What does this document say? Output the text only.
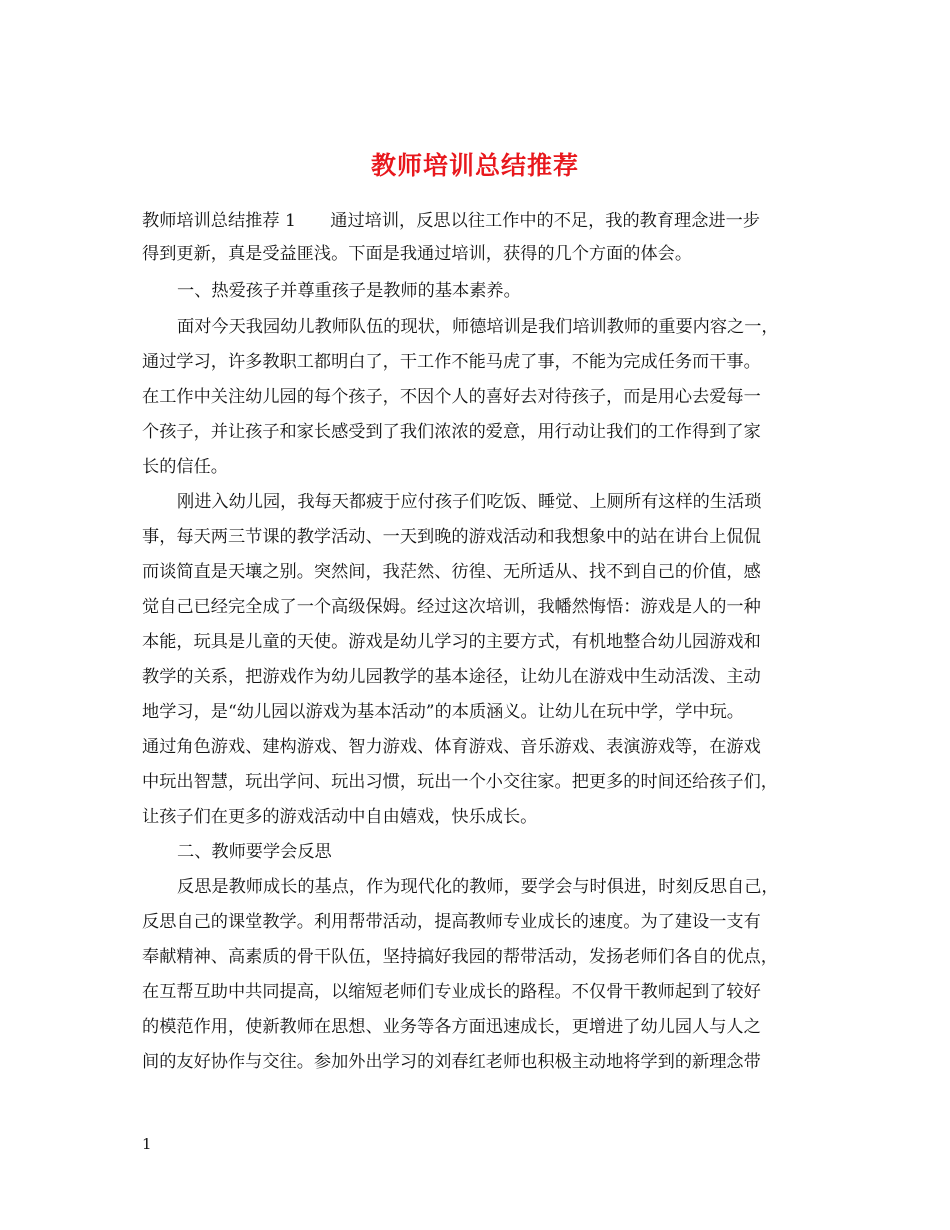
教师培训总结推荐
教师培训总结推荐 1　　通过培训，反思以往工作中的不足，我的教育理念进一步
得到更新，真是受益匪浅。下面是我通过培训，获得的几个方面的体会。
一、热爱孩子并尊重孩子是教师的基本素养。
面对今天我园幼儿教师队伍的现状，师德培训是我们培训教师的重要内容之一，
通过学习，许多教职工都明白了，干工作不能马虎了事，不能为完成任务而干事。
在工作中关注幼儿园的每个孩子，不因个人的喜好去对待孩子，而是用心去爱每一
个孩子，并让孩子和家长感受到了我们浓浓的爱意，用行动让我们的工作得到了家
长的信任。
刚进入幼儿园，我每天都疲于应付孩子们吃饭、睡觉、上厕所有这样的生活琐
事，每天两三节课的教学活动、一天到晚的游戏活动和我想象中的站在讲台上侃侃
而谈简直是天壤之别。突然间，我茫然、彷徨、无所适从、找不到自己的价值，感
觉自己已经完全成了一个高级保姆。经过这次培训，我幡然悔悟：游戏是人的一种
本能，玩具是儿童的天使。游戏是幼儿学习的主要方式，有机地整合幼儿园游戏和
教学的关系，把游戏作为幼儿园教学的基本途径，让幼儿在游戏中生动活泼、主动
地学习，是“幼儿园以游戏为基本活动”的本质涵义。让幼儿在玩中学，学中玩。
通过角色游戏、建构游戏、智力游戏、体育游戏、音乐游戏、表演游戏等，在游戏
中玩出智慧，玩出学问、玩出习惯，玩出一个小交往家。把更多的时间还给孩子们，
让孩子们在更多的游戏活动中自由嬉戏，快乐成长。
二、教师要学会反思
反思是教师成长的基点，作为现代化的教师，要学会与时俱进，时刻反思自己，
反思自己的课堂教学。利用帮带活动，提高教师专业成长的速度。为了建设一支有
奉献精神、高素质的骨干队伍，坚持搞好我园的帮带活动，发扬老师们各自的优点，
在互帮互助中共同提高，以缩短老师们专业成长的路程。不仅骨干教师起到了较好
的模范作用，使新教师在思想、业务等各方面迅速成长，更增进了幼儿园人与人之
间的友好协作与交往。参加外出学习的刘春红老师也积极主动地将学到的新理念带
1
